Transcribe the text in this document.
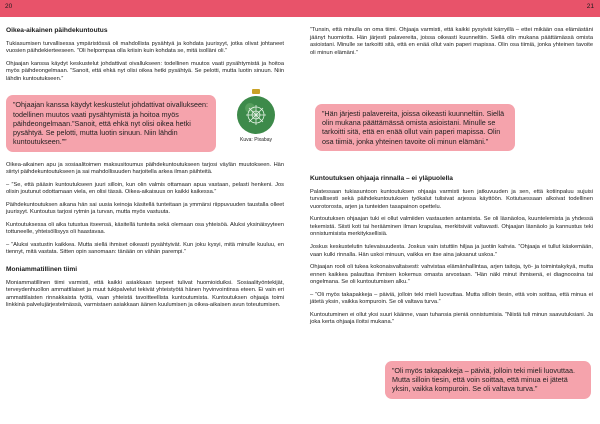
20	21
Oikea-aikainen päihdekuntoutus
Tukiasumisen turvallisessa ympäristössä oli mahdollista pysähtyä ja kohdata juurisyyt, jotka olivat johtaneet vuosien päihdekierteeseen. ”Oli helpompaa olla kriisin kuin kohdata se, mitä isolläni oli.”
Ohjaajan kanssa käydyt keskustelut johdattivat oivallukseen: todellinen muutos vaati pysähtymistä ja hoitoa myös päihdeongelmaan. ”Sanoit, että ehkä nyt olisi oikea hetki pysähtyä. Se pelotti, mutta luotin sinuun. Niin lähdin kuntoutukseen.”
”Ohjaajan kanssa käydyt keskustelut johdattivat oivallukseen: todellinen muutos vaati pysähtymistä ja hoitoa myös päihdeongelmaan.”Sanoit, että ehkä nyt olisi oikea hetki pysähtyä. Se pelotti, mutta luotin sinuun. Niin lähdin kuntoutukseen.””	Kuva: Pixabay
Oikea-aikainen apu ja sosiaalitoimen maksusitoumus päihdekuntoutukseen tarjosi väylän muutokseen. Hän siirtyi päihdekuntoutukseen ja sai mahdollisuuden harjoitella arkea ilman päihteitä.
– ”Se, että pääsin kuntoutukseen juuri silloin, kun olin valmis ottamaan apua vastaan, pelasti henkeni. Jos olisin joutunut odottamaan viela, en olisi tässä. Oikea-aikaisuus on kaikki kaikessa.”
Päihdekuntoutuksen aikana hän sai uusia keinoja käsitellä tunteitaan ja ymmärsi riippuvuuden taustalla olleet juurisyyt. Kuntoutus tarjosi rytmin ja turvan, mutta myös vastuuta.
Kuntoutuksessa oli aika tutustua itseensä, käsitellä tunteita sekä olemaan osa yhteisöä. Aluksi yksinäisyyteen tottuneelle, yhteisöllisyys oli haastavaa.
– ”Aluksi vastustin kaikkea. Mutta siellä ihmiset oikeasti pysähtyivät. Kun joku kysyi, mitä minulle kuuluu, en tiennyt, mitä vastata. Sitten opin sanomaan: tänään on vähän parempi.”
Moniammatillinen tiimi
Moniammatillinen tiimi varmisti, että kaikki asiakkaan tarpeet tulivat huomioiduiksi. Sosiaalityöntekijät, terveydenhuollon ammattilaiset ja muut tukipalvelut tekivät yhteistyötä hänen hyvinvointinsa eteen. Ei vain eri ammattilaisten rinnakkaista työtä, vaan yhteistä tavoitteellista kuntoutumista. Kuntoutuksen ohjaaja toimi linkkinä palvelujärjestelmässä, varmistaen asiakkaan äänen kuulumisen ja oikea-aikaisen avun toteutumisen.
”Tunsin, että minulla on oma tiimi. Ohjaaja varmisti, että kaikki pysyivät kärryillä – ettei mikään osa elämästäni jäänyt huomiotta. Hän järjesti palavereita, joissa oikeasti kuunneltiin. Siellä olin mukana päättämässä omista asioistani. Minulle se tarkoitti sitä, että en enää ollut vain paperi mapissa. Olin osa tiimiä, jonka yhteinen tavoite oli minun elämäni.”
”Hän järjesti palavereita, joissa oikeasti kuunneltiin. Siellä olin mukana päättämässä omista asioistani. Minulle se tarkoitti sitä, että en enää ollut vain paperi mapissa. Olin osa tiimiä, jonka yhteinen tavoite oli minun elämäni.”
Kuntoutuksen ohjaaja rinnalla – ei yläpuolella
Palatessaan tukiasuntoon kuntoutuksen ohjaaja varmisti tuen jatkuvuuden ja sen, että kotiinpaluu sujuisi turvallisesti sekä päihdekuntoutuksen työkalut tulisivat arjessa käyttöön. Kotiutuessaan alkoivat todellinen vuorotorosta, arjen ja tunteiden tasapainon opettelu.
Kuntoutuksen ohjaajan tuki ei ollut valmiiden vastausten antamista. Se oli läsnäoloa, kuuntelemista ja yhdessä tekemistä. Siisti koti tai herääminen ilman krapulaa, merkitsivät valtavasti. Ohjaajan läsnäolo ja kannustus teki onnistumisista merkityksellisiä.
Joskus keskustelutin tulevaisuudesta. Joskus vain istuttiin hiljaa ja juotiin kahvia. ”Ohjaaja ei tullut käskemään, vaan kulki rinnalla. Hän uskoi minuun, vaikka en itse aina jaksanut uskoa.”
Ohjaajan rooli oli tukea kokonaisvaltaisesti: vahvistaa elämänhallintaa, arjen taitoja, työ- ja toimintakykyä, mutta ennen kaikkea palauttaa ihmisen kokemus omasta arvostaan. ”Hän näki minut ihmisenä, ei diagnoosina tai ongelmana. Se oli kuntoutumisen alku.”
– ”Oli myös takapakkeja – päiviä, jolloin teki mieli luovuttaa. Mutta silloin tiesin, että voin soittaa, että minua ei jätetä yksin, vaikka kompuroin. Se oli valtava turva.”
Kuntoutuminen ei ollut yksi suuri käänne, vaan tuhansia pieniä onnistumisia. ”Niistä tuli minun saavutuksiani. Ja joka kerta ohjaaja iloitsi mukana.”
”Oli myös takapakkeja – päiviä, jolloin teki mieli luovuttaa. Mutta silloin tiesin, että voin soittaa, että minua ei jätetä yksin, vaikka kompuroin. Se oli valtava turva.”
